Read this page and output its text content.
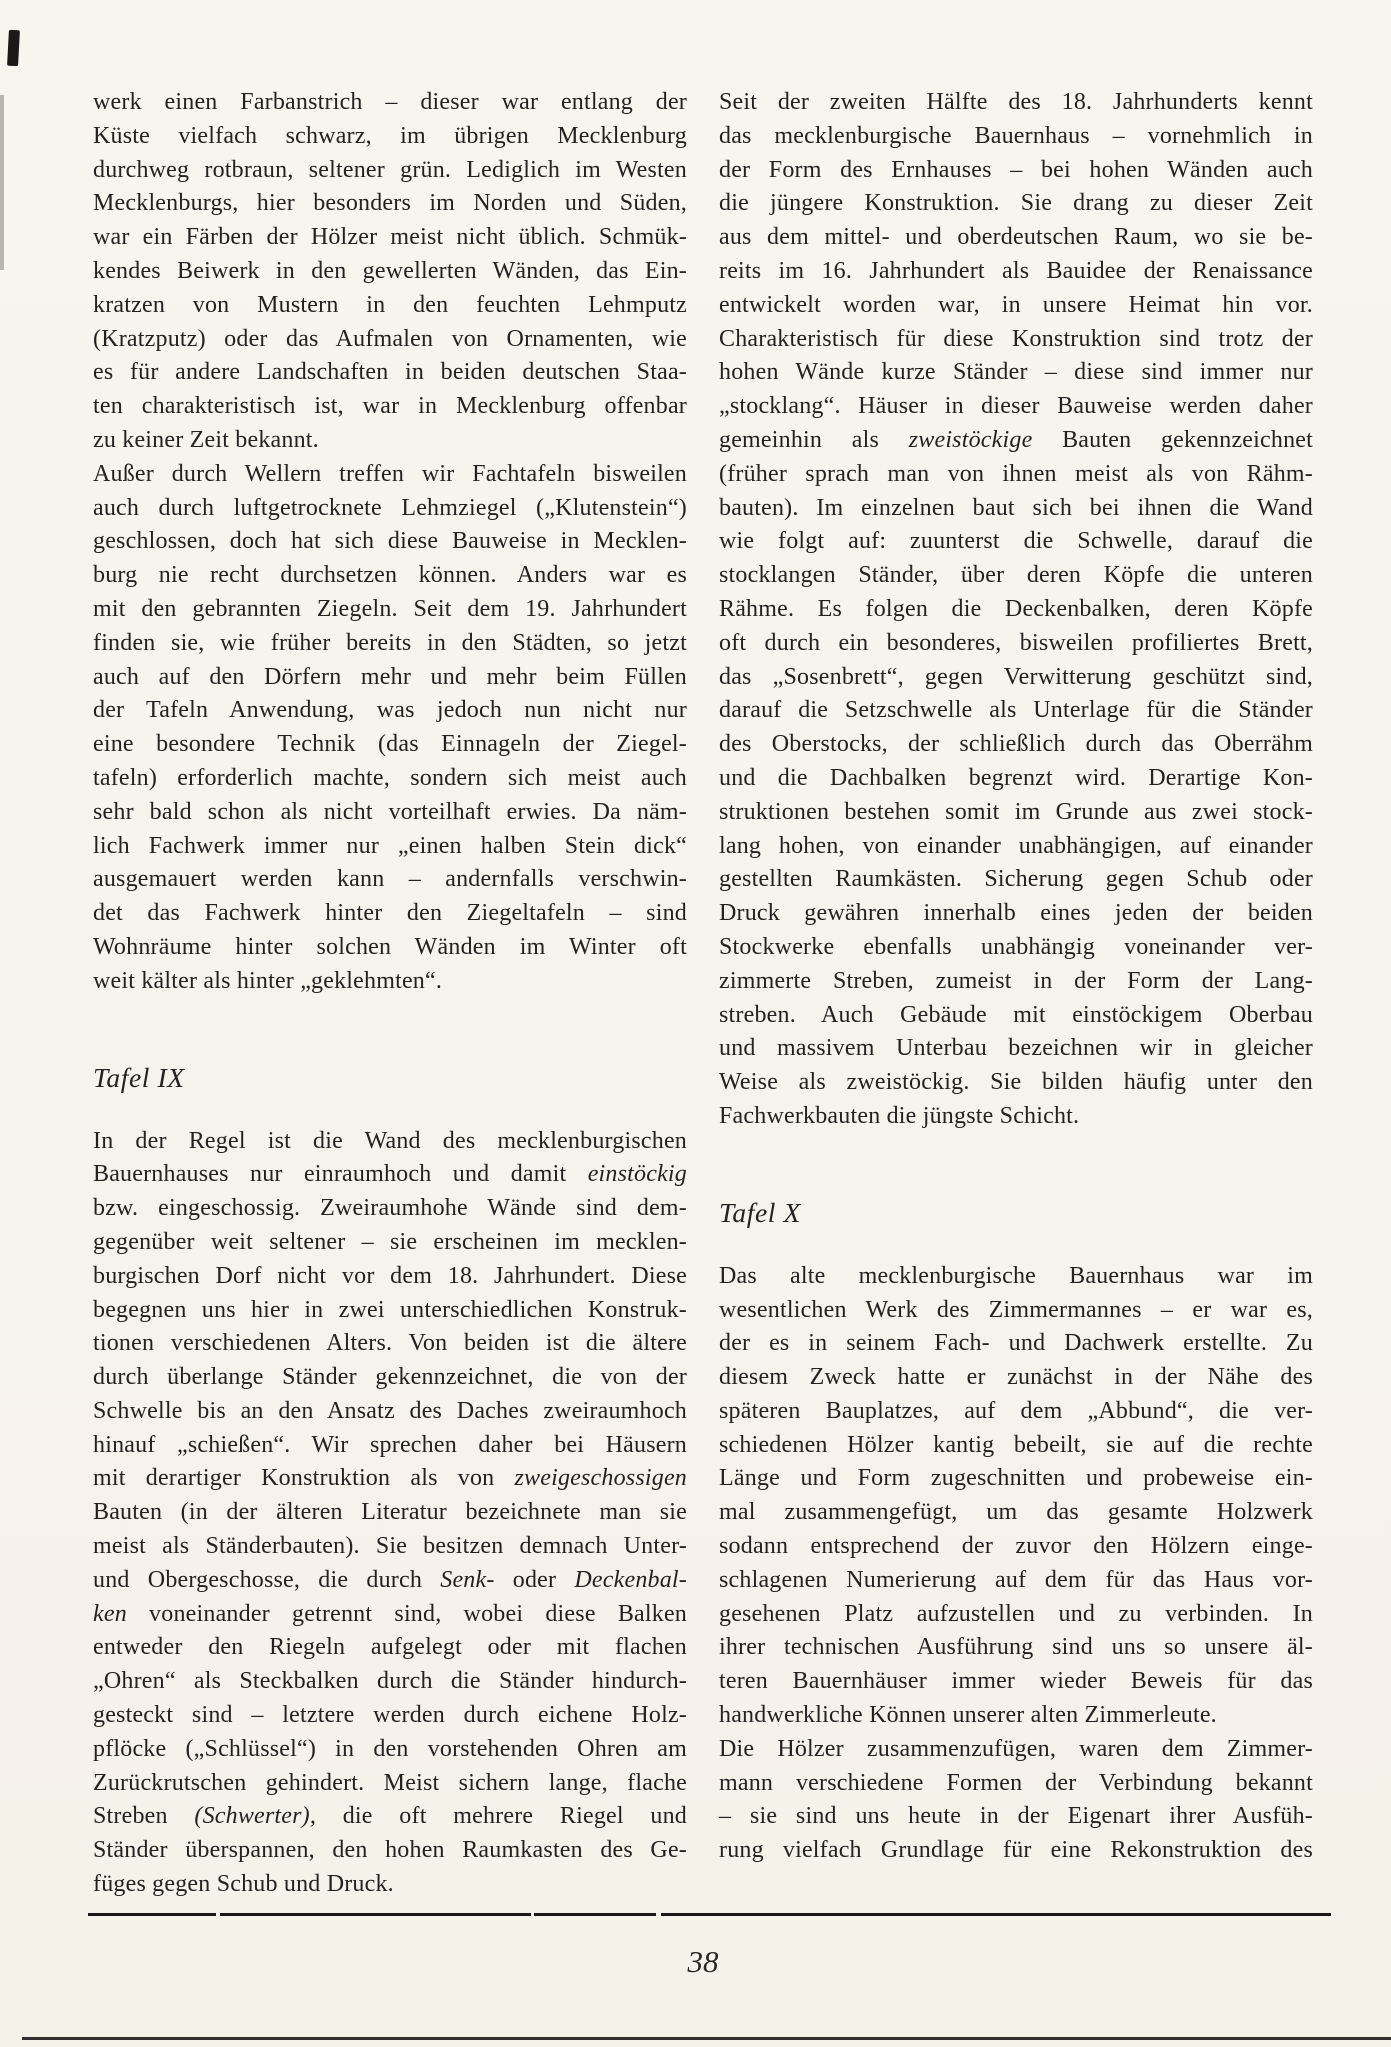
werk einen Farbanstrich – dieser war entlang der
Küste vielfach schwarz, im übrigen Mecklenburg
durchweg rotbraun, seltener grün. Lediglich im Westen
Mecklenburgs, hier besonders im Norden und Süden,
war ein Färben der Hölzer meist nicht üblich. Schmük-
kendes Beiwerk in den gewellerten Wänden, das Ein-
kratzen von Mustern in den feuchten Lehmputz
(Kratzputz) oder das Aufmalen von Ornamenten, wie
es für andere Landschaften in beiden deutschen Staa-
ten charakteristisch ist, war in Mecklenburg offenbar
zu keiner Zeit bekannt.
Außer durch Wellern treffen wir Fachtafeln bisweilen
auch durch luftgetrocknete Lehmziegel („Klutenstein“)
geschlossen, doch hat sich diese Bauweise in Mecklen-
burg nie recht durchsetzen können. Anders war es
mit den gebrannten Ziegeln. Seit dem 19. Jahrhundert
finden sie, wie früher bereits in den Städten, so jetzt
auch auf den Dörfern mehr und mehr beim Füllen
der Tafeln Anwendung, was jedoch nun nicht nur
eine besondere Technik (das Einnageln der Ziegel-
tafeln) erforderlich machte, sondern sich meist auch
sehr bald schon als nicht vorteilhaft erwies. Da näm-
lich Fachwerk immer nur „einen halben Stein dick“
ausgemauert werden kann – andernfalls verschwin-
det das Fachwerk hinter den Ziegeltafeln – sind
Wohnräume hinter solchen Wänden im Winter oft
weit kälter als hinter „geklehmten“.
Tafel IX
In der Regel ist die Wand des mecklenburgischen
Bauernhauses nur einraumhoch und damit einstöckig
bzw. eingeschossig. Zweiraumhohe Wände sind dem-
gegenüber weit seltener – sie erscheinen im mecklen-
burgischen Dorf nicht vor dem 18. Jahrhundert. Diese
begegnen uns hier in zwei unterschiedlichen Konstruk-
tionen verschiedenen Alters. Von beiden ist die ältere
durch überlange Ständer gekennzeichnet, die von der
Schwelle bis an den Ansatz des Daches zweiraumhoch
hinauf „schießen“. Wir sprechen daher bei Häusern
mit derartiger Konstruktion als von zweigeschossigen
Bauten (in der älteren Literatur bezeichnete man sie
meist als Ständerbauten). Sie besitzen demnach Unter-
und Obergeschosse, die durch Senk- oder Deckenbal-
ken voneinander getrennt sind, wobei diese Balken
entweder den Riegeln aufgelegt oder mit flachen
„Ohren“ als Steckbalken durch die Ständer hindurch-
gesteckt sind – letztere werden durch eichene Holz-
pflöcke („Schlüssel“) in den vorstehenden Ohren am
Zurückrutschen gehindert. Meist sichern lange, flache
Streben (Schwerter), die oft mehrere Riegel und
Ständer überspannen, den hohen Raumkasten des Ge-
füges gegen Schub und Druck.
Seit der zweiten Hälfte des 18. Jahrhunderts kennt
das mecklenburgische Bauernhaus – vornehmlich in
der Form des Ernhauses – bei hohen Wänden auch
die jüngere Konstruktion. Sie drang zu dieser Zeit
aus dem mittel- und oberdeutschen Raum, wo sie be-
reits im 16. Jahrhundert als Bauidee der Renaissance
entwickelt worden war, in unsere Heimat hin vor.
Charakteristisch für diese Konstruktion sind trotz der
hohen Wände kurze Ständer – diese sind immer nur
„stocklang“. Häuser in dieser Bauweise werden daher
gemeinhin als zweistöckige Bauten gekennzeichnet
(früher sprach man von ihnen meist als von Rähm-
bauten). Im einzelnen baut sich bei ihnen die Wand
wie folgt auf: zuunterst die Schwelle, darauf die
stocklangen Ständer, über deren Köpfe die unteren
Rähme. Es folgen die Deckenbalken, deren Köpfe
oft durch ein besonderes, bisweilen profiliertes Brett,
das „Sosenbrett“, gegen Verwitterung geschützt sind,
darauf die Setzschwelle als Unterlage für die Ständer
des Oberstocks, der schließlich durch das Oberrähm
und die Dachbalken begrenzt wird. Derartige Kon-
struktionen bestehen somit im Grunde aus zwei stock-
lang hohen, von einander unabhängigen, auf einander
gestellten Raumkästen. Sicherung gegen Schub oder
Druck gewähren innerhalb eines jeden der beiden
Stockwerke ebenfalls unabhängig voneinander ver-
zimmerte Streben, zumeist in der Form der Lang-
streben. Auch Gebäude mit einstöckigem Oberbau
und massivem Unterbau bezeichnen wir in gleicher
Weise als zweistöckig. Sie bilden häufig unter den
Fachwerkbauten die jüngste Schicht.
Tafel X
Das alte mecklenburgische Bauernhaus war im
wesentlichen Werk des Zimmermannes – er war es,
der es in seinem Fach- und Dachwerk erstellte. Zu
diesem Zweck hatte er zunächst in der Nähe des
späteren Bauplatzes, auf dem „Abbund“, die ver-
schiedenen Hölzer kantig bebeilt, sie auf die rechte
Länge und Form zugeschnitten und probeweise ein-
mal zusammengefügt, um das gesamte Holzwerk
sodann entsprechend der zuvor den Hölzern einge-
schlagenen Numerierung auf dem für das Haus vor-
gesehenen Platz aufzustellen und zu verbinden. In
ihrer technischen Ausführung sind uns so unsere äl-
teren Bauernhäuser immer wieder Beweis für das
handwerkliche Können unserer alten Zimmerleute.
Die Hölzer zusammenzufügen, waren dem Zimmer-
mann verschiedene Formen der Verbindung bekannt
– sie sind uns heute in der Eigenart ihrer Ausfüh-
rung vielfach Grundlage für eine Rekonstruktion des
38
